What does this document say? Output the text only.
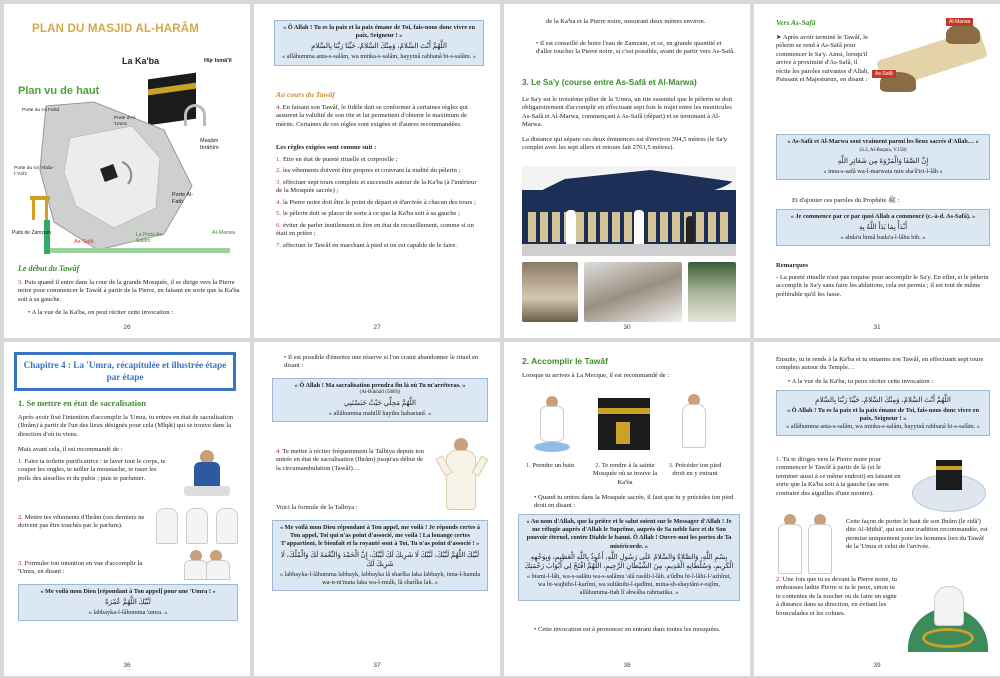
PLAN DU MASJID AL-HARÂM
La Ka'ba	Hijr Ismâ'îl
Plan vu de haut
Porte du roi Fahd
Porte d'Al-'Umra
Porte du roi 'Abdu-l-'Azîz
Maqâm Ibrâhîm
Porte Al-Fath
Puits de Zamzam
As-Safâ
La Porte As-Salâm
Al-Marwa
Le début du Tawâf
3. Puis quand il entre dans la cour de la grande Mosquée, il se dirige vers la Pierre noire pour commencer le Tawâf à partir de la Pierre, en faisant en sorte que la Ka'ba soit à sa gauche.
• A la vue de la Ka'ba, on peut réciter cette invocation :
26
« Ô Allah ! Tu es la paix et la paix émane de Toi, fais-nous donc vivre en paix, Seigneur ! »
اللَّهُمَّ أَنْتَ السَّلامُ، وَمِنْكَ السَّلامُ، حَيِّنَا رَبَّنَا بِالسَّلامِ
« allâhumma anta-s-salâm, wa minka-s-salâm, hayyinâ rabbanâ bi-s-salâm. »
Au cours du Tawâf
4. En faisant son Tawâf, le fidèle doit se conformer à certaines règles qui assurent la validité de son rite et lui permettent d'obtenir le maximum de mérite. Certaines de ces règles sont exigées et d'autres recommandées.
Les règles exigées sont comme suit :
1. Etre en état de pureté rituelle et corporelle ;
2. les vêtements doivent être propres et couvrant la nudité du pèlerin ;
3. effectuer sept tours complets et successifs autour de la Ka'ba (à l'intérieur de la Mosquée sacrée) ;
4. la Pierre noire doit être le point de départ et d'arrivée à chacun des tours ;
5. le pèlerin doit se placer de sorte à ce que la Ka'ba soit à sa gauche ;
6. éviter de parler inutilement et être en état de recueillement, comme si on était en prière ;
7. effectuer le Tawâf en marchant à pied si on est capable de le faire.
27
de la Ka'ba et la Pierre noire, mesurant deux mètres environ.
• Il est conseillé de boire l'eau de Zamzam, et ce, en grande quantité et d'aller toucher la Pierre noire, si c'est possible, avant de partir vers As-Safâ.
3. Le Sa'y (course entre As-Safâ et Al-Marwa)
Le Sa'y est le troisième pilier de la 'Umra, un rite essentiel que le pèlerin se doit obligatoirement d'accomplir en effectuant sept fois le trajet entre les monticules As-Safâ et Al-Marwa, commençant à As-Safâ (départ) et se terminant à Al-Marwa.
La distance qui sépare ces deux éminences est d'environ 394,5 mètres (le Sa'y complet avec les sept allers et retours fait 2761,5 mètres).
30
Vers As-Safâ
➤ Après avoir terminé le Tawâf, le pèlerin se rend à As-Safâ pour commencer le Sa'y. Ainsi, lorsqu'il arrive à proximité d'As-Safâ, il récite les paroles suivantes d'Allah, Puissant et Majestueux, en disant :
Al-Marwa
As-Safâ
« As-Safâ et Al-Marwa sont vraiment parmi les lieux sacrés d'Allah… » (S.2, Al-Baqara, V.158)
إِنَّ الصَّفَا وَالْمَرْوَةَ مِن شَعَائِرِ اللَّهِ
« inna-s-safâ wa-l-marwata min sha'â'iri-l-lâh »
Et d'ajouter ces paroles du Prophète ﷺ :
« Je commence par ce par quoi Allah a commencé (c.-à-d. As-Safâ). »
أَبْدَأُ بِمَا بَدَأَ اللَّهُ بِهِ
« abda'u bimâ bada'a-l-lâhu bih. »
Remarques
- La pureté rituelle n'est pas requise pour accomplir le Sa'y. En effet, si le pèlerin accomplit le Sa'y sans faire les ablutions, cela est permis ; il est tout de même préférable qu'il les fasse.
31
Chapitre 4 : La 'Umra, récapitulée et illustrée étape par étape
1. Se mettre en état de sacralisation
Après avoir fixé l'intention d'accomplir la 'Umra, tu entres en état de sacralisation (Ihrâm) à partir de l'un des lieux désignés pour cela (Mîqât) qui se trouve dans la direction d'où tu viens.
Mais avant cela, il est recommandé de :
1. Faire ta toilette purificatrice : te laver tout le corps, te couper les ongles, te tailler la moustache, te raser les poils des aisselles et du pubis ; puis te parfumer.
2. Mettre tes vêtements d'Ihrâm (ces derniers ne doivent pas être touchés par le parfum).
3. Formuler ton intention en vue d'accomplir la 'Umra, en disant :
« Me voilà mon Dieu [répondant à Ton appel] pour une 'Umra ! »
لَبَّيْكَ اللَّهُمَّ عُمْرَةً
« labbayka-l-lâhumma 'umra. »
36
• Il est possible d'émettre une réserve si l'on craint abandonner le rituel en disant :
« Ô Allah ! Ma sacralisation prendra fin là où Tu m'arrêteras. »
(Al-Bukhârî (5089))
اللَّهُمَّ مَحِلِّي حَيْثُ حَبَسْتَنِي
« allâhumma mahillî haythu habastanî. »
4. Te mettre à réciter fréquemment la Talbiya depuis ton entrée en état de sacralisation (Ihrâm) jusqu'au début de la circumambulation (Tawâf)…
Voici la formule de la Talbiya :
« Me voilà mon Dieu répondant à Ton appel, me voilà ! Je réponds certes à Ton appel, Toi qui n'as point d'associé, me voilà ! La louange certes T'appartient, le bienfait et la royauté sont à Toi, Tu n'as point d'associé ! »
لَبَّيْكَ اللَّهُمَّ لَبَّيْكَ، لَبَّيْكَ لَا شَرِيكَ لَكَ لَبَّيْكَ، إِنَّ الْحَمْدَ وَالنِّعْمَةَ لَكَ وَالْمُلْكَ، لَا شَرِيكَ لَكَ
« labbayka-l-lâhumma labbayk, labbayka lâ sharîka laka labbayk, inna-l-hamda wa-n-ni'mata laka wa-l-mulk, lâ sharîka lak. »
37
2. Accomplir le Tawâf
Lorsque tu arrives à La Mecque, il est recommandé de :
1. Prendre un bain	2. Te rendre à la sainte Mosquée où se trouve la Ka'ba
3. Précéder ton pied droit en y entrant
• Quand tu entres dans la Mosquée sacrée, il faut que tu y précèdes ton pied droit en disant :
« Au nom d'Allah, que la prière et le salut soient sur le Messager d'Allah ! Je me réfugie auprès d'Allah le Suprême, auprès de Sa noble face et de Son pouvoir éternel, contre Diable le banni. Ô Allah ! Ouvre-moi les portes de Ta miséricorde. »
بِسْمِ اللَّهِ، وَالصَّلاةُ وَالسَّلامُ عَلَى رَسُولِ اللَّهِ، أَعُوذُ بِاللَّهِ الْعَظِيمِ، وَبِوَجْهِهِ الْكَرِيمِ، وَسُلْطَانِهِ الْقَدِيمِ، مِنَ الشَّيْطَانِ الرَّجِيمِ، اللَّهُمَّ افْتَحْ لِي أَبْوَابَ رَحْمَتِكَ
« bismi-l-lâh, wa-s-salâtu wa-s-salâmu 'alâ rasûli-l-lâh. a'ûdhu bi-l-lâhi-l-'azhîmi, wa bi-wajhihi-l-karîmi, wa sultânihi-l-qadîmi, mina-sh-shaytâni-r-rajîm, allâhumma-ftah lî abwâba rahmatika. »
• Cette invocation est à prononcer en entrant dans toutes les mosquées.
38
Ensuite, tu te rends à la Ka'ba et tu entames ton Tawâf, en effectuant sept tours complets autour du Temple…
• A la vue de la Ka'ba, tu peux réciter cette invocation :
اللَّهُمَّ أَنْتَ السَّلامُ، وَمِنْكَ السَّلامُ، حَيِّنَا رَبَّنَا بِالسَّلامِ
« Ô Allah ! Tu es la paix et la paix émane de Toi, fais-nous donc vivre en paix, Seigneur ! »
« allâhumma anta-s-salâm, wa minka-s-salâm, hayyinâ rabbanâ bi-s-salâm. »
1. Tu te diriges vers la Pierre noire pour commencer le Tawâf à partir de là (et le terminer aussi à ce même endroit) en faisant en sorte que la Ka'ba soit à ta gauche (au sens contraire des aiguilles d'une montre).
Cette façon de porter le haut de son Ihrâm (le ridâ') dite Al-Idtibâ', qui est une tradition recommandée, est permise uniquement pour les hommes lors du Tawâf de la 'Umra et celui de l'arrivée.
2. Une fois que tu es devant la Pierre noire, tu embrasses ladite Pierre si tu le peux, sinon tu te contentes de la toucher ou de faire un signe à distance dans sa direction, en évitant les bousculades et les cohues.
39
